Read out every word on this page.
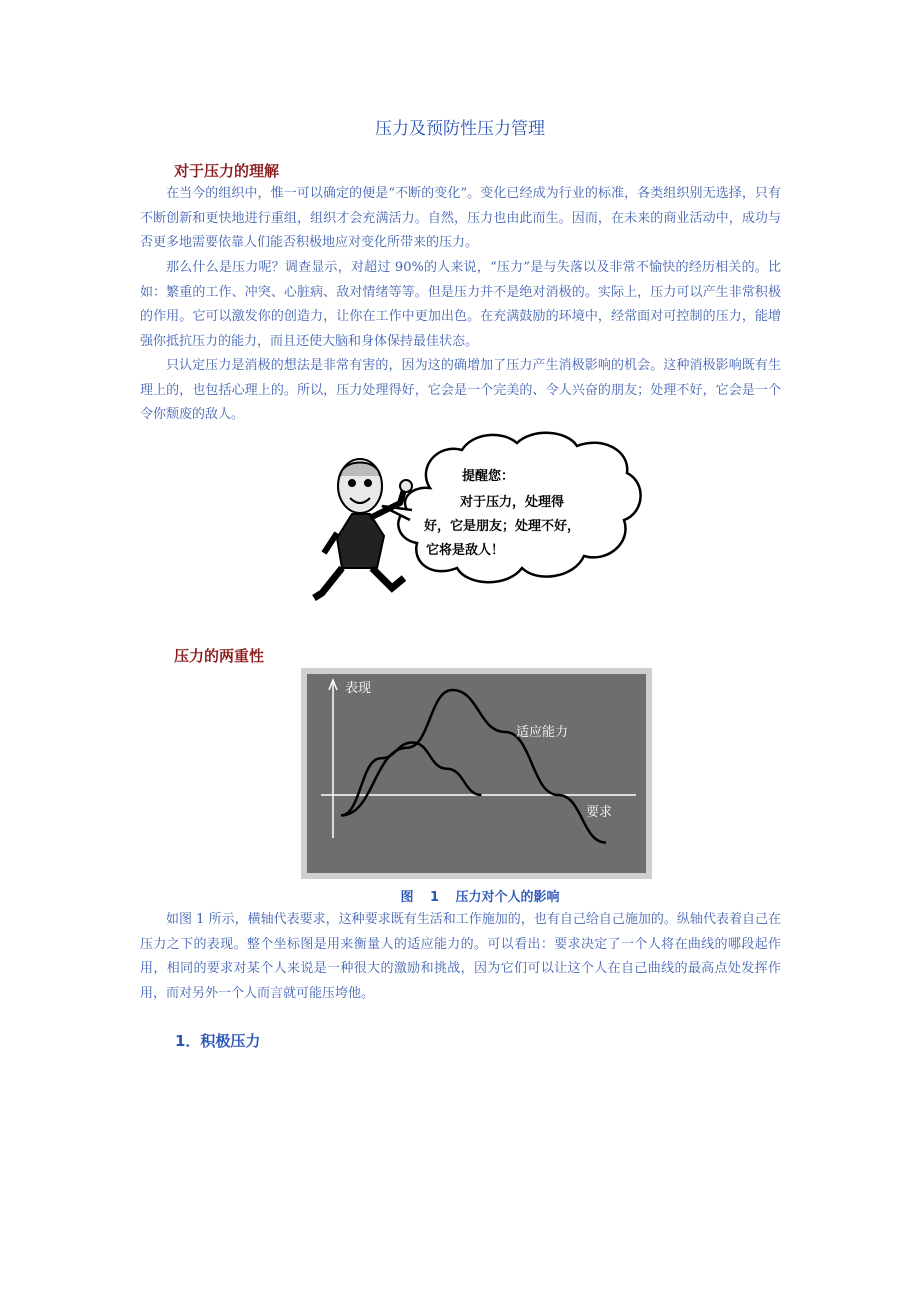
压力及预防性压力管理
对于压力的理解

在当今的组织中，惟一可以确定的便是“不断的变化”。变化已经成为行业的标准，各类组织别无选择，只有不断创新和更快地进行重组，组织才会充满活力。自然，压力也由此而生。因而，在未来的商业活动中，成功与否更多地需要依靠人们能否积极地应对变化所带来的压力。

那么什么是压力呢？调查显示，对超过 90%的人来说，“压力”是与失落以及非常不愉快的经历相关的。比如：繁重的工作、冲突、心脏病、敌对情绪等等。但是压力并不是绝对消极的。实际上，压力可以产生非常积极的作用。它可以激发你的创造力，让你在工作中更加出色。在充满鼓励的环境中，经常面对可控制的压力，能增强你抵抗压力的能力，而且还使大脑和身体保持最佳状态。

只认定压力是消极的想法是非常有害的，因为这的确增加了压力产生消极影响的机会。这种消极影响既有生理上的，也包括心理上的。所以，压力处理得好，它会是一个完美的、令人兴奋的朋友；处理不好，它会是一个令你颓废的敌人。

提醒您：
对于压力，处理得
好，它是朋友；处理不好，
它将是敌人！
压力的两重性
表现
要求
适应能力
图 1 压力对个人的影响

如图 1 所示，横轴代表要求，这种要求既有生活和工作施加的，也有自己给自己施加的。纵轴代表着自己在压力之下的表现。整个坐标图是用来衡量人的适应能力的。可以看出：要求决定了一个人将在曲线的哪段起作用，相同的要求对某个人来说是一种很大的激励和挑战，因为它们可以让这个人在自己曲线的最高点处发挥作用，而对另外一个人而言就可能压垮他。

1．积极压力
